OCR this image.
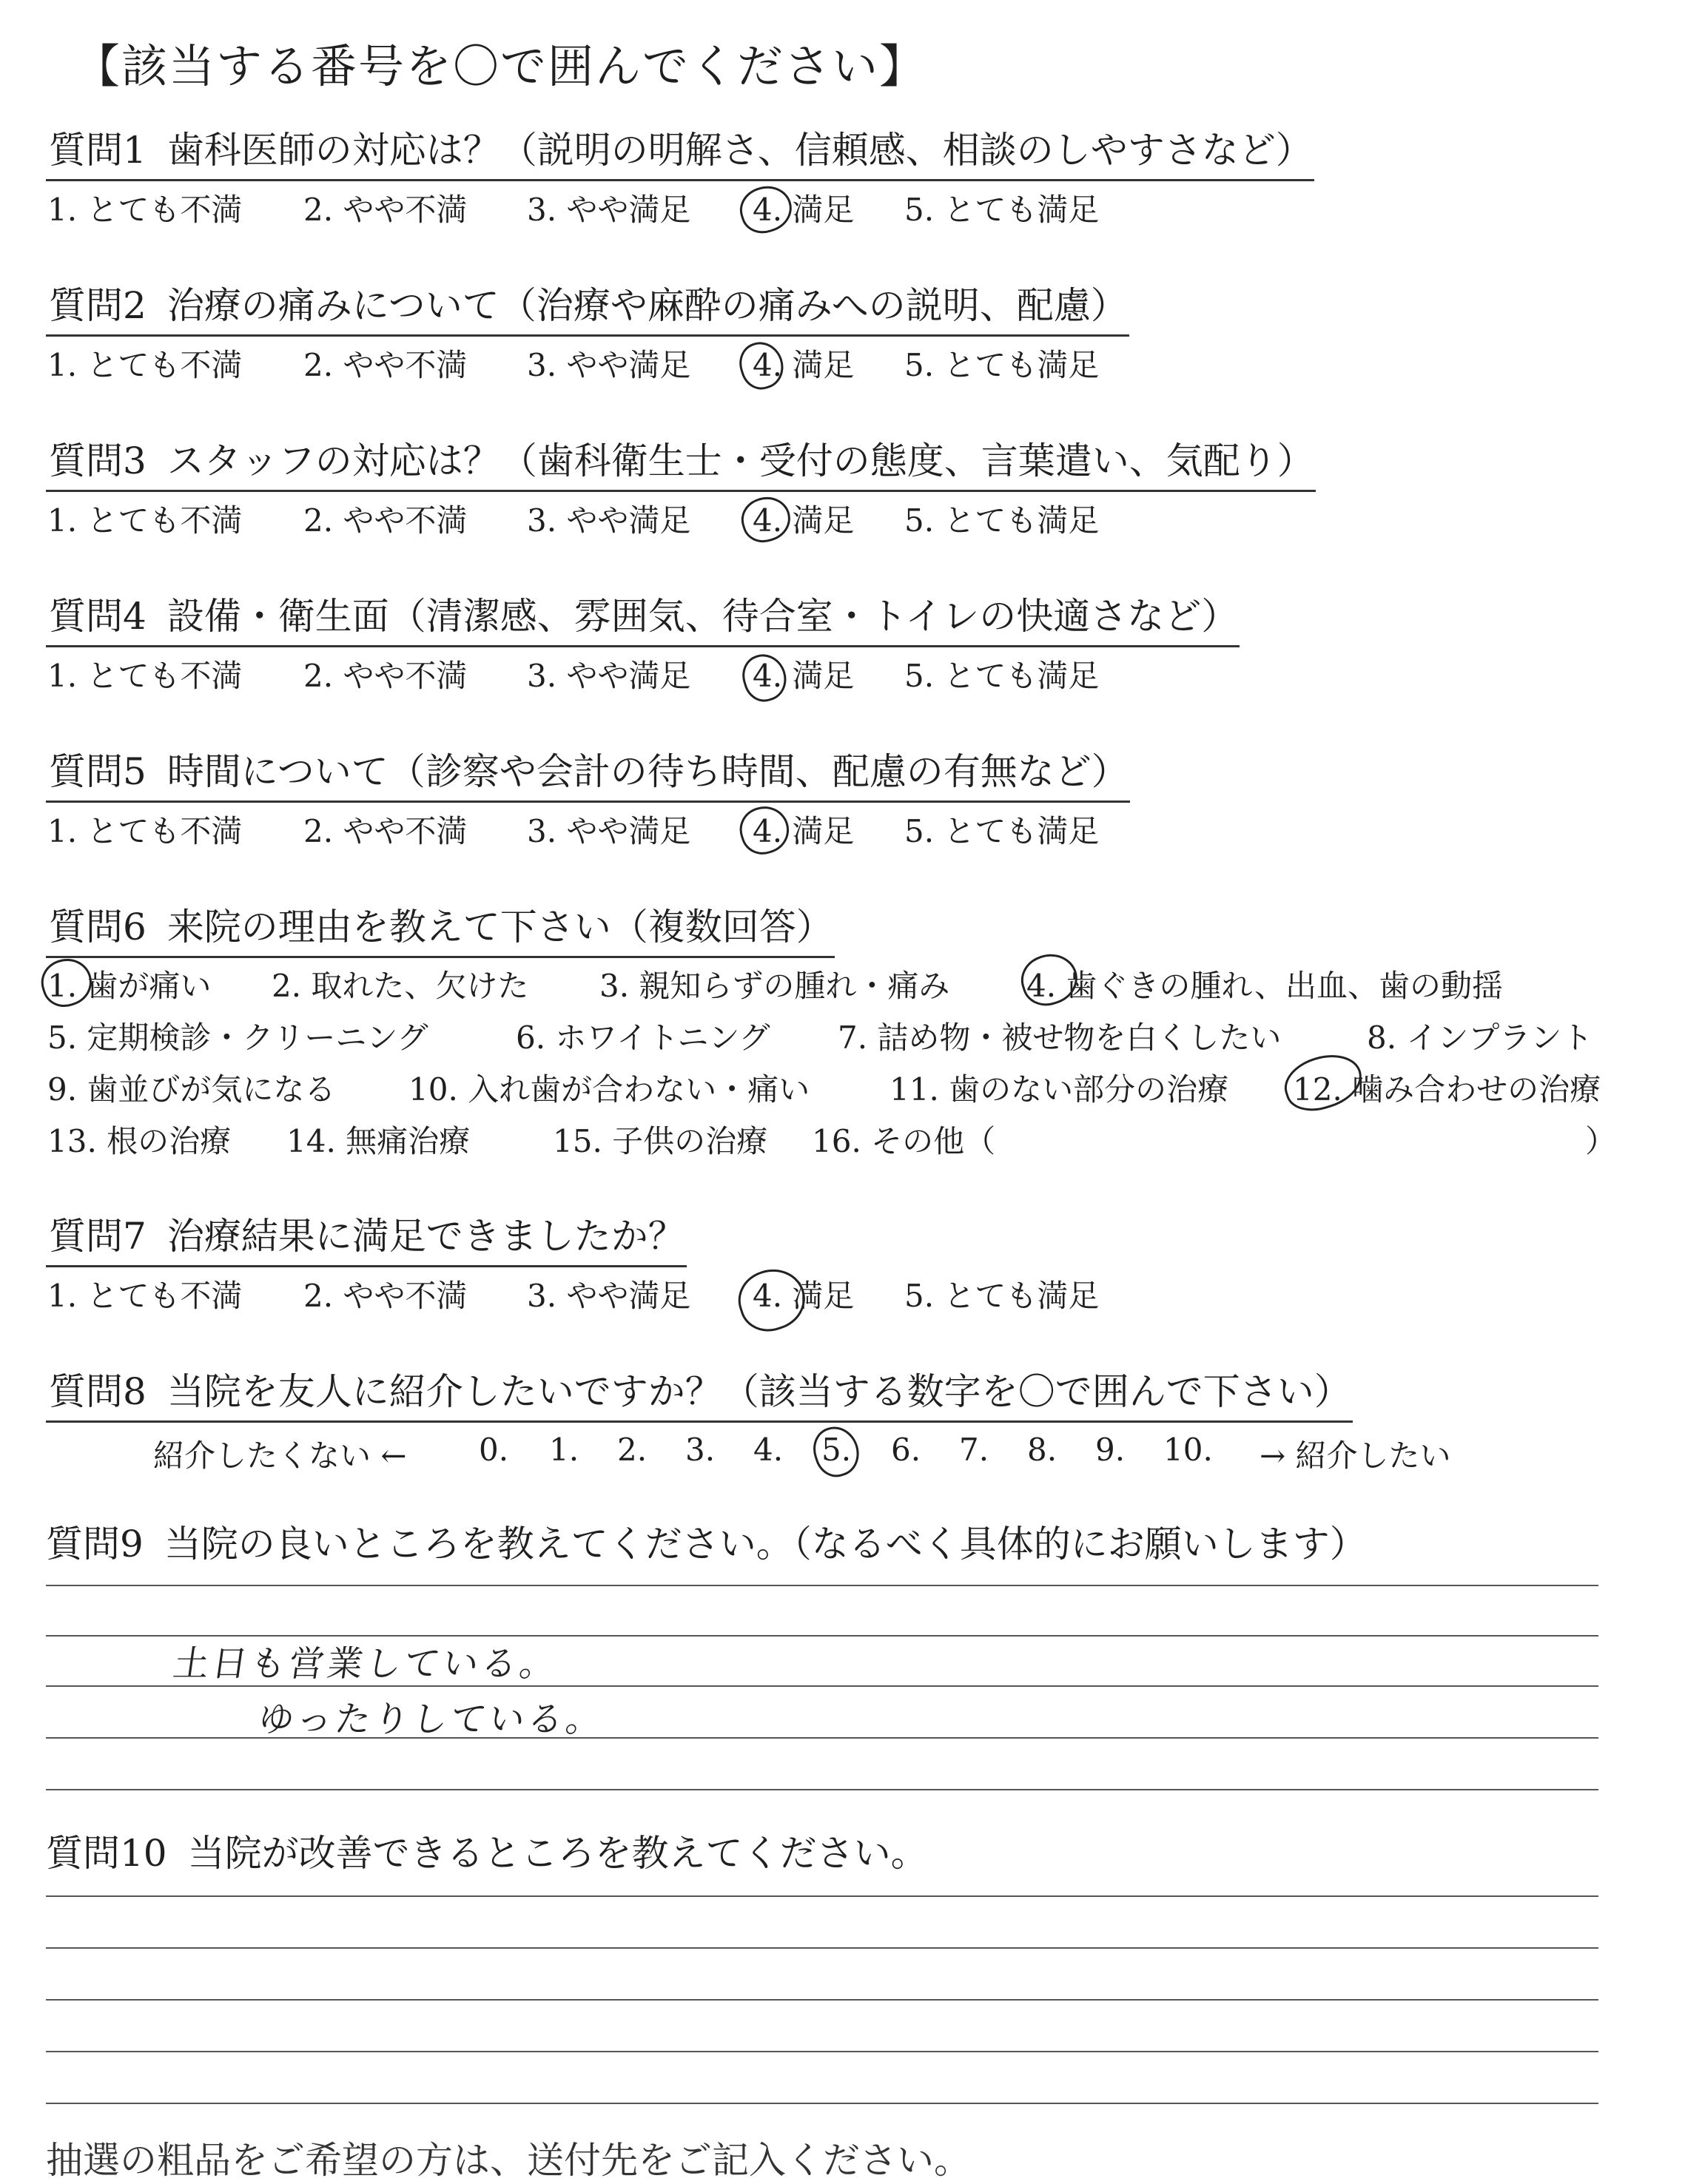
【該当する番号を〇で囲んでください】
質問1 歯科医師の対応は？（説明の明解さ、信頼感、相談のしやすさなど）
1. とても不満 2. やや不満 3. やや満足 4. 満足 5. とても満足
質問2 治療の痛みについて（治療や麻酔の痛みへの説明、配慮）
1. とても不満 2. やや不満 3. やや満足 4. 満足 5. とても満足
質問3 スタッフの対応は？（歯科衛生士・受付の態度、言葉遣い、気配り）
1. とても不満 2. やや不満 3. やや満足 4. 満足 5. とても満足
質問4 設備・衛生面（清潔感、雰囲気、待合室・トイレの快適さなど）
1. とても不満 2. やや不満 3. やや満足 4. 満足 5. とても満足
質問5 時間について（診察や会計の待ち時間、配慮の有無など）
1. とても不満 2. やや不満 3. やや満足 4. 満足 5. とても満足
質問6 来院の理由を教えて下さい（複数回答）
1. 歯が痛い 2. 取れた、欠けた 3. 親知らずの腫れ・痛み 4. 歯ぐきの腫れ、出血、歯の動揺
5. 定期検診・クリーニング	6. ホワイトニング 7. 詰め物・被せ物を白くしたい	8. インプラント
9. 歯並びが気になる 10. 入れ歯が合わない・痛い	11. 歯のない部分の治療 12. 噛み合わせの治療
13. 根の治療 14. 無痛治療	15. 子供の治療 16. その他（	）
質問7 治療結果に満足できましたか？
1. とても不満 2. やや不満 3. やや満足 4. 満足 5. とても満足
質問8 当院を友人に紹介したいですか？（該当する数字を〇で囲んで下さい）
紹介したくない ← 0. 1. 2. 3. 4. 5. 6. 7. 8. 9. 10. → 紹介したい
質問9 当院の良いところを教えてください。（なるべく具体的にお願いします）
土日も営業している。
ゆったりしている。
質問10 当院が改善できるところを教えてください。
抽選の粗品をご希望の方は、送付先をご記入ください。
